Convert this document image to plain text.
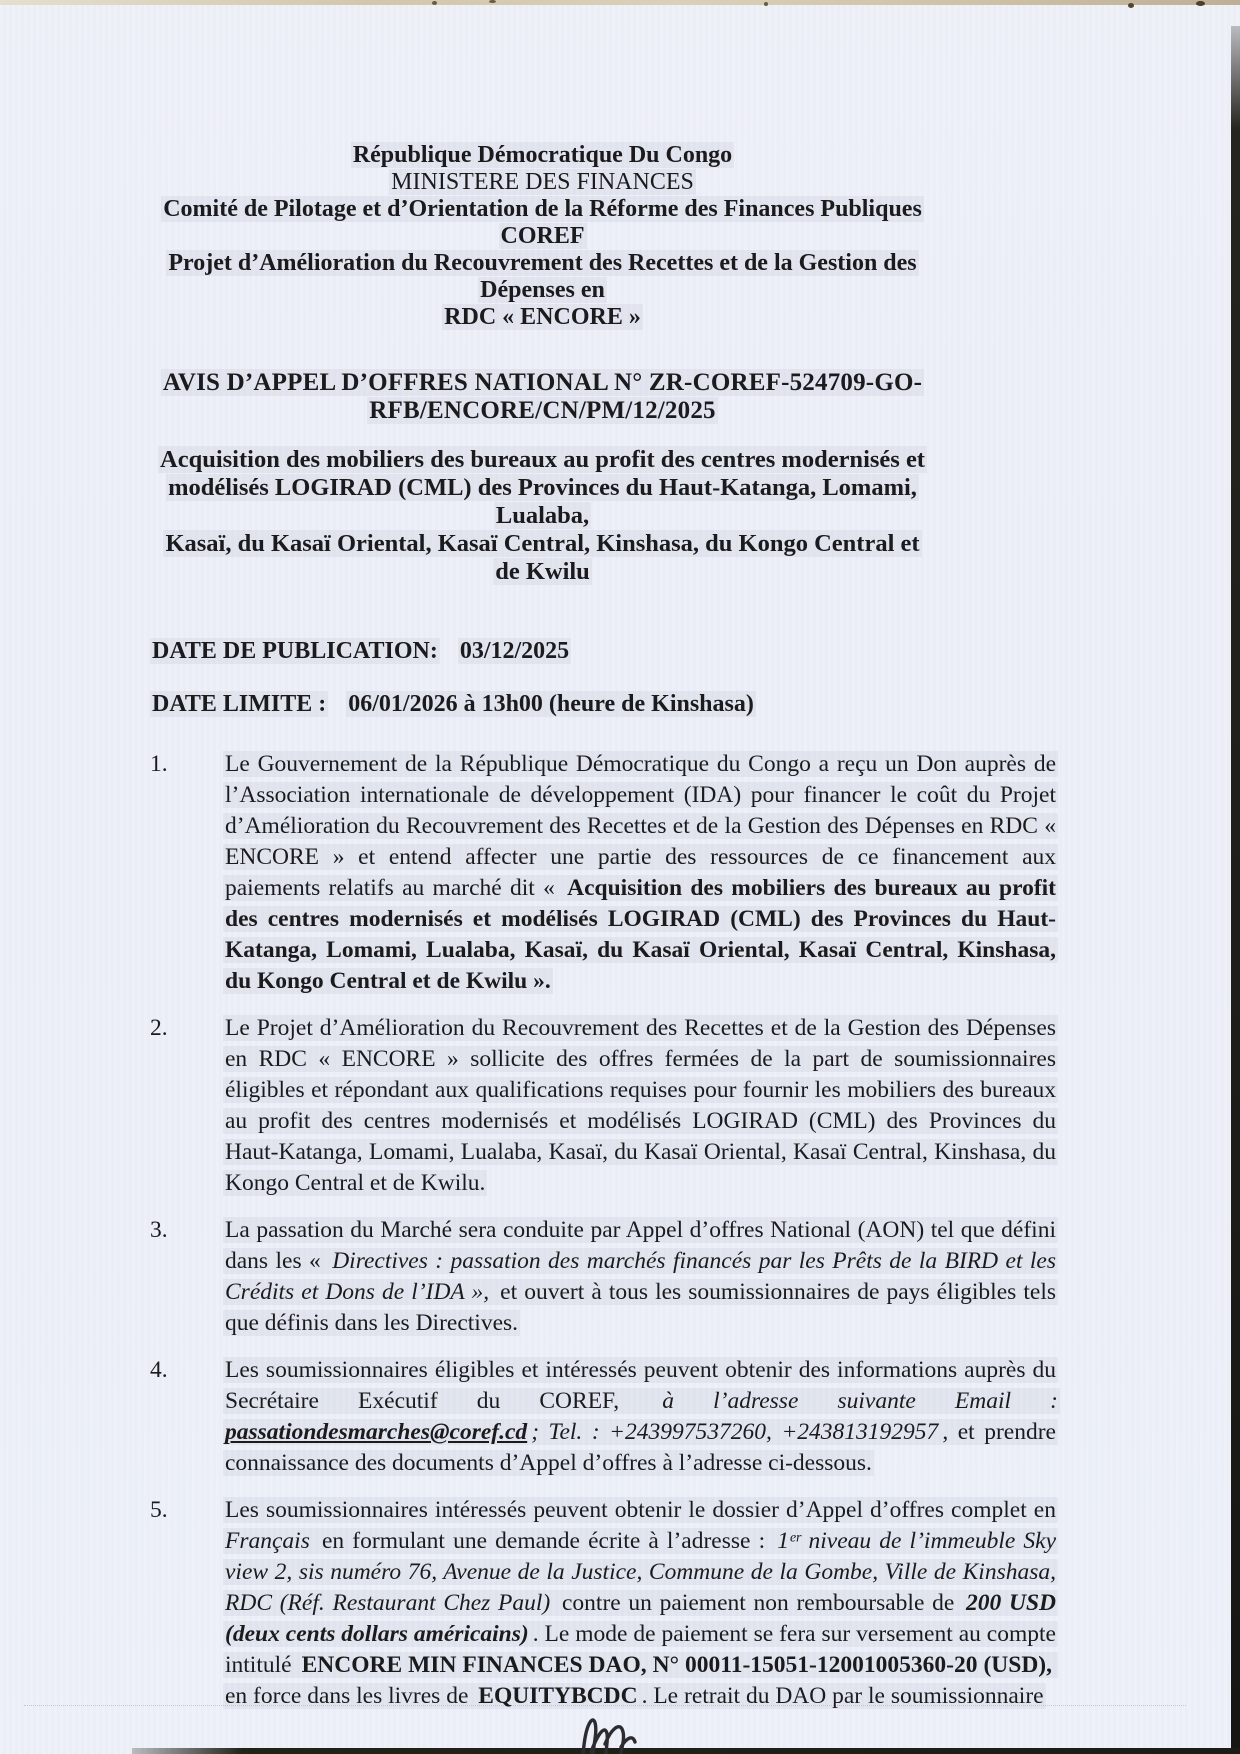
République Démocratique Du Congo
MINISTERE DES FINANCES
Comité de Pilotage et d’Orientation de la Réforme des Finances Publiques
COREF
Projet d’Amélioration du Recouvrement des Recettes et de la Gestion des Dépenses en
RDC « ENCORE »
AVIS D’APPEL D’OFFRES NATIONAL N° ZR-COREF-524709-GO-
RFB/ENCORE/CN/PM/12/2025
Acquisition des mobiliers des bureaux au profit des centres modernisés et
modélisés LOGIRAD (CML) des Provinces du Haut-Katanga, Lomami, Lualaba,
Kasaï, du Kasaï Oriental, Kasaï Central, Kinshasa, du Kongo Central et de Kwilu
DATE DE PUBLICATION: 03/12/2025
DATE LIMITE : 06/01/2026 à 13h00 (heure de Kinshasa)
1.	Le Gouvernement de la République Démocratique du Congo a reçu un Don auprès de l’Association internationale de développement (IDA) pour financer le coût du Projet d’Amélioration du Recouvrement des Recettes et de la Gestion des Dépenses en RDC « ENCORE » et entend affecter une partie des ressources de ce financement aux paiements relatifs au marché dit « Acquisition des mobiliers des bureaux au profit des centres modernisés et modélisés LOGIRAD (CML) des Provinces du Haut-Katanga, Lomami, Lualaba, Kasaï, du Kasaï Oriental, Kasaï Central, Kinshasa, du Kongo Central et de Kwilu ».
2.	Le Projet d’Amélioration du Recouvrement des Recettes et de la Gestion des Dépenses en RDC « ENCORE » sollicite des offres fermées de la part de soumissionnaires éligibles et répondant aux qualifications requises pour fournir les mobiliers des bureaux au profit des centres modernisés et modélisés LOGIRAD (CML) des Provinces du Haut-Katanga, Lomami, Lualaba, Kasaï, du Kasaï Oriental, Kasaï Central, Kinshasa, du Kongo Central et de Kwilu.
3.	La passation du Marché sera conduite par Appel d’offres National (AON) tel que défini dans les « Directives : passation des marchés financés par les Prêts de la BIRD et les Crédits et Dons de l’IDA », et ouvert à tous les soumissionnaires de pays éligibles tels que définis dans les Directives.
4.	Les soumissionnaires éligibles et intéressés peuvent obtenir des informations auprès du Secrétaire Exécutif du COREF, à l’adresse suivante Email : passationdesmarches@coref.cd ; Tel. : +243997537260, +243813192957 , et prendre connaissance des documents d’Appel d’offres à l’adresse ci-dessous.
5.	Les soumissionnaires intéressés peuvent obtenir le dossier d’Appel d’offres complet en Français en formulant une demande écrite à l’adresse : 1ᵉʳ niveau de l’immeuble Sky view 2, sis numéro 76, Avenue de la Justice, Commune de la Gombe, Ville de Kinshasa, RDC (Réf. Restaurant Chez Paul) contre un paiement non remboursable de 200 USD (deux cents dollars américains) . Le mode de paiement se fera sur versement au compte intitulé ENCORE MIN FINANCES DAO, N° 00011-15051-12001005360-20 (USD), en force dans les livres de EQUITYBCDC . Le retrait du DAO par le soumissionnaire
